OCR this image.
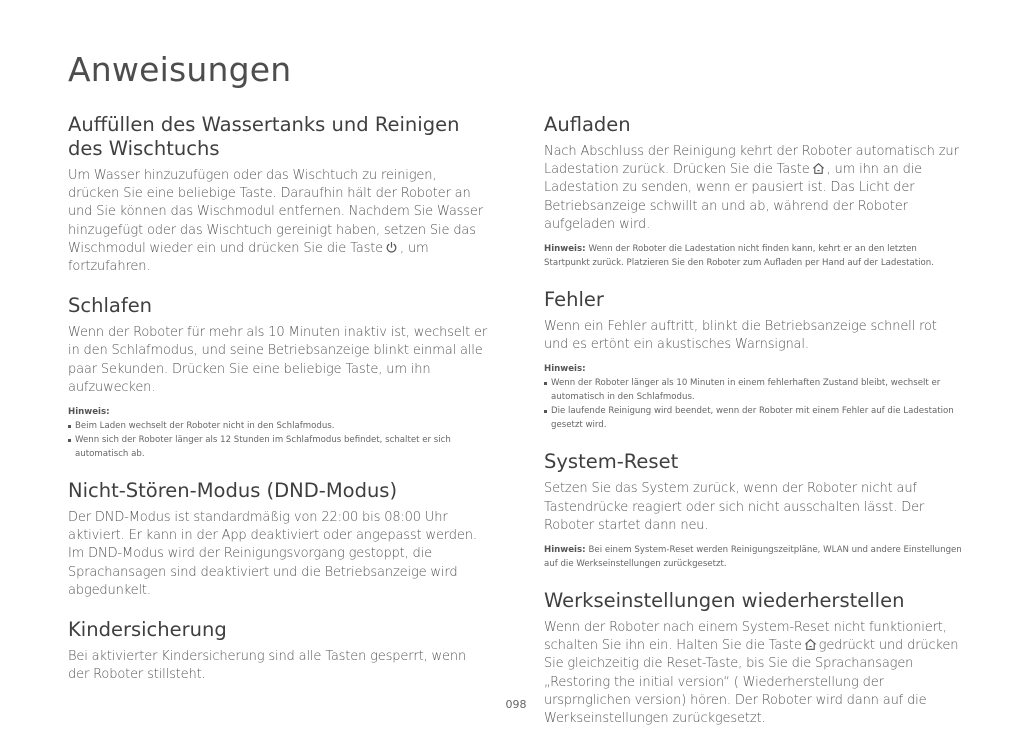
Anweisungen
Auffüllen des Wassertanks und Reinigen des Wischtuchs

Um Wasser hinzuzufügen oder das Wischtuch zu reinigen, drücken Sie eine beliebige Taste. Daraufhin hält der Roboter an und Sie können das Wischmodul entfernen. Nachdem Sie Wasser hinzugefügt oder das Wischtuch gereinigt haben, setzen Sie das Wischmodul wieder ein und drücken Sie die Taste , um fortzufahren.

Schlafen

Wenn der Roboter für mehr als 10 Minuten inaktiv ist, wechselt er in den Schlafmodus, und seine Betriebsanzeige blinkt einmal alle paar Sekunden. Drücken Sie eine beliebige Taste, um ihn aufzuwecken.

Hinweis:
Beim Laden wechselt der Roboter nicht in den Schlafmodus.
Wenn sich der Roboter länger als 12 Stunden im Schlafmodus befindet, schaltet er sich automatisch ab.
Nicht-Stören-Modus (DND-Modus)

Der DND-Modus ist standardmäßig von 22:00 bis 08:00 Uhr aktiviert. Er kann in der App deaktiviert oder angepasst werden. Im DND-Modus wird der Reinigungsvorgang gestoppt, die Sprachansagen sind deaktiviert und die Betriebsanzeige wird abgedunkelt.

Kindersicherung

Bei aktivierter Kindersicherung sind alle Tasten gesperrt, wenn der Roboter stillsteht.

Aufladen

Nach Abschluss der Reinigung kehrt der Roboter automatisch zur Ladestation zurück. Drücken Sie die Taste , um ihn an die Ladestation zu senden, wenn er pausiert ist. Das Licht der Betriebsanzeige schwillt an und ab, während der Roboter aufgeladen wird.

Hinweis: Wenn der Roboter die Ladestation nicht finden kann, kehrt er an den letzten Startpunkt zurück. Platzieren Sie den Roboter zum Aufladen per Hand auf der Ladestation.
Fehler

Wenn ein Fehler auftritt, blinkt die Betriebsanzeige schnell rot und es ertönt ein akustisches Warnsignal.

Hinweis:
Wenn der Roboter länger als 10 Minuten in einem fehlerhaften Zustand bleibt, wechselt er automatisch in den Schlafmodus.
Die laufende Reinigung wird beendet, wenn der Roboter mit einem Fehler auf die Ladestation gesetzt wird.
System-Reset

Setzen Sie das System zurück, wenn der Roboter nicht auf Tastendrücke reagiert oder sich nicht ausschalten lässt. Der Roboter startet dann neu.

Hinweis: Bei einem System-Reset werden Reinigungszeitpläne, WLAN und andere Einstellungen auf die Werkseinstellungen zurückgesetzt.
Werkseinstellungen wiederherstellen

Wenn der Roboter nach einem System-Reset nicht funktioniert, schalten Sie ihn ein. Halten Sie die Taste gedrückt und drücken Sie gleichzeitig die Reset-Taste, bis Sie die Sprachansagen „Restoring the initial version“ ( Wiederherstellung der ursprnglichen version) hören. Der Roboter wird dann auf die Werkseinstellungen zurückgesetzt.

098
